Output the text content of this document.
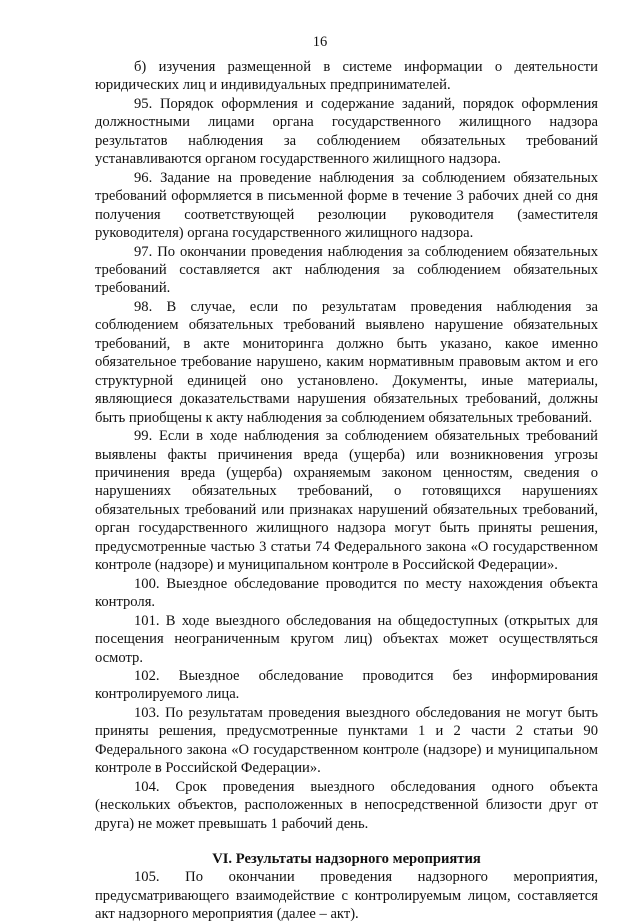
16

б) изучения размещенной в системе информации о деятельности юридических лиц и индивидуальных предпринимателей.

95. Порядок оформления и содержание заданий, порядок оформления должностными лицами органа государственного жилищного надзора результатов наблюдения за соблюдением обязательных требований устанавливаются органом государственного жилищного надзора.

96. Задание на проведение наблюдения за соблюдением обязательных требований оформляется в письменной форме в течение 3 рабочих дней со дня получения соответствующей резолюции руководителя (заместителя руководителя) органа государственного жилищного надзора.

97. По окончании проведения наблюдения за соблюдением обязательных требований составляется акт наблюдения за соблюдением обязательных требований.

98. В случае, если по результатам проведения наблюдения за соблюдением обязательных требований выявлено нарушение обязательных требований, в акте мониторинга должно быть указано, какое именно обязательное требование нарушено, каким нормативным правовым актом и его структурной единицей оно установлено. Документы, иные материалы, являющиеся доказательствами нарушения обязательных требований, должны быть приобщены к акту наблюдения за соблюдением обязательных требований.

99. Если в ходе наблюдения за соблюдением обязательных требований выявлены факты причинения вреда (ущерба) или возникновения угрозы причинения вреда (ущерба) охраняемым законом ценностям, сведения о нарушениях обязательных требований, о готовящихся нарушениях обязательных требований или признаках нарушений обязательных требований, орган государственного жилищного надзора могут быть приняты решения, предусмотренные частью 3 статьи 74 Федерального закона «О государственном контроле (надзоре) и муниципальном контроле в Российской Федерации».

100. Выездное обследование проводится по месту нахождения объекта контроля.

101. В ходе выездного обследования на общедоступных (открытых для посещения неограниченным кругом лиц) объектах может осуществляться осмотр.

102. Выездное обследование проводится без информирования контролируемого лица.

103. По результатам проведения выездного обследования не могут быть приняты решения, предусмотренные пунктами 1 и 2 части 2 статьи 90 Федерального закона «О государственном контроле (надзоре) и муниципальном контроле в Российской Федерации».

104. Срок проведения выездного обследования одного объекта (нескольких объектов, расположенных в непосредственной близости друг от друга) не может превышать 1 рабочий день.

VI. Результаты надзорного мероприятия

105. По окончании проведения надзорного мероприятия, предусматривающего взаимодействие с контролируемым лицом, составляется акт надзорного мероприятия (далее – акт).
